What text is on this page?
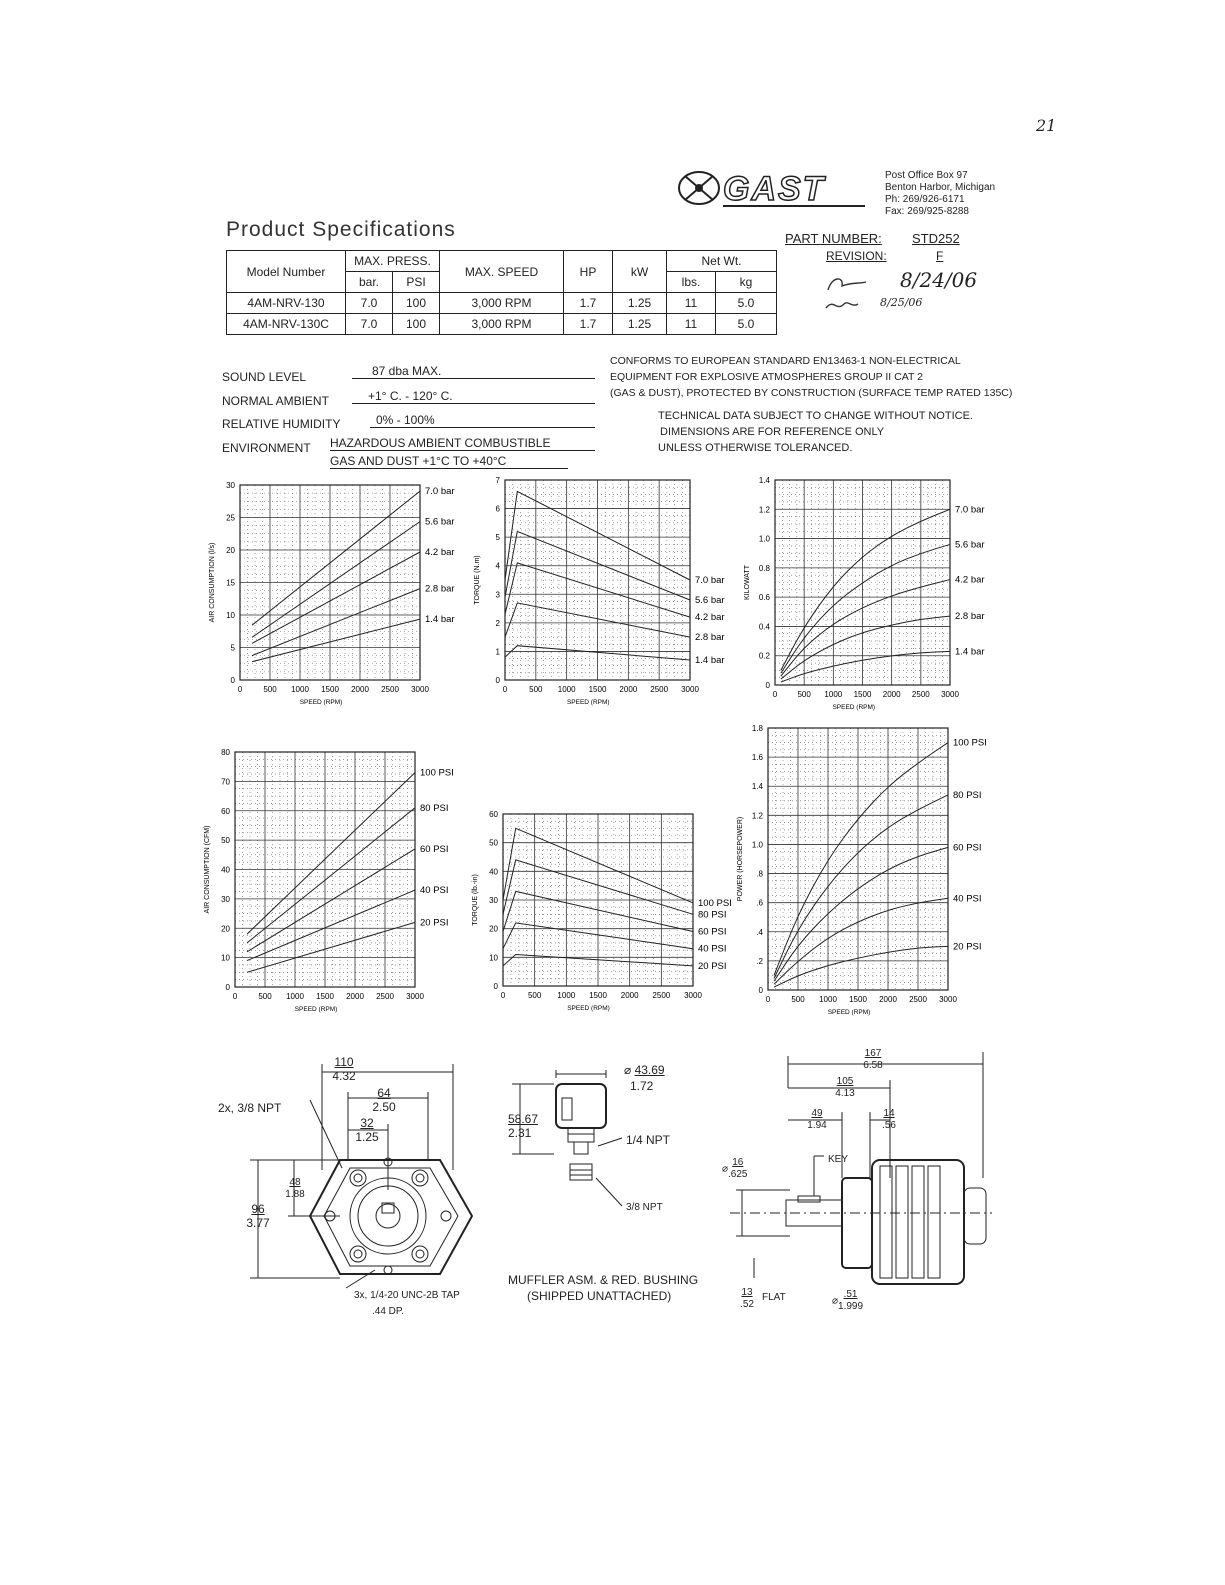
21
GAST	Post Office Box 97
Benton Harbor, Michigan
Ph: 269/926-6171
Fax: 269/925-8288
Product Specifications	PART NUMBER: STD252
REVISION:	F
8/24/06
8/25/06
Model Number	MAX. PRESS.		MAX. SPEED	HP	kW	Net Wt.	
	bar.	PSI				lbs.	kg
4AM-NRV-130	7.0	100	3,000 RPM	1.7	1.25	11	5.0
4AM-NRV-130C	7.0	100	3,000 RPM	1.7	1.25	11	5.0
SOUND LEVEL	87 dba MAX.
NORMAL AMBIENT	+1° C. - 120° C.
RELATIVE HUMIDITY	0% - 100%
ENVIRONMENT HAZARDOUS AMBIENT COMBUSTIBLE
GAS AND DUST +1°C TO +40°C
CONFORMS TO EUROPEAN STANDARD EN13463-1 NON-ELECTRICAL
EQUIPMENT FOR EXPLOSIVE ATMOSPHERES GROUP II CAT 2
(GAS & DUST), PROTECTED BY CONSTRUCTION (SURFACE TEMP RATED 135C)
TECHNICAL DATA SUBJECT TO CHANGE WITHOUT NOTICE.
DIMENSIONS ARE FOR REFERENCE ONLY
UNLESS OTHERWISE TOLERANCED.
0	500 1000 1500 2000 2500 3000
0
5
10
15
20
25
30
SPEED (RPM)
AIR CONSUMPTION (l/s)
7.0 bar
5.6 bar
4.2 bar
2.8 bar
1.4 bar
0	500 1000 1500 2000 2500 3000
0
1
2
3
4
5
6
7
SPEED (RPM)
TORQUE (N.m)	7.0 bar
5.6 bar
4.2 bar
2.8 bar
1.4 bar
0	500 1000 1500 2000 2500 3000
0
0.2
0.4
0.6
0.8
1.0
1.2
1.4
SPEED (RPM)
KILOWATT
7.0 bar
5.6 bar
4.2 bar
2.8 bar
1.4 bar
0	500 1000 1500 2000 2500 3000
0
10
20
30
40
50
60
70
80
SPEED (RPM)
AIR CONSUMPTION (CFM)
100 PSI
80 PSI
60 PSI
40 PSI
20 PSI
0	500 1000 1500 2000 2500 3000
0
10
20
30
40
50
60
SPEED (RPM)
TORQUE (lb.-in)	100 PSI
80 PSI
60 PSI
40 PSI
20 PSI
0	500 1000 1500 2000 2500 3000
0
.2
.4
.6
.8
1.0
1.2
1.4
1.6
1.8
SPEED (RPM)
POWER (HORSEPOWER)
100 PSI
80 PSI
60 PSI
40 PSI
20 PSI
110
4.32
64
2.50
32
1.25
48
1.88
96
3.77
2x, 3/8 NPT
3x, 1/4-20 UNC-2B TAP
.44 DP.
⌀ 43.69
1.72
58.67
2.31	1/4 NPT
3/8 NPT
MUFFLER ASM. & RED. BUSHING
(SHIPPED UNATTACHED)
167
6.58
105
4.13
49
1.94
14
.56
⌀ $\frac{16}{.625}$	KEY
13
.52
FLAT	⌀ $\frac{.51}{1.999}$
